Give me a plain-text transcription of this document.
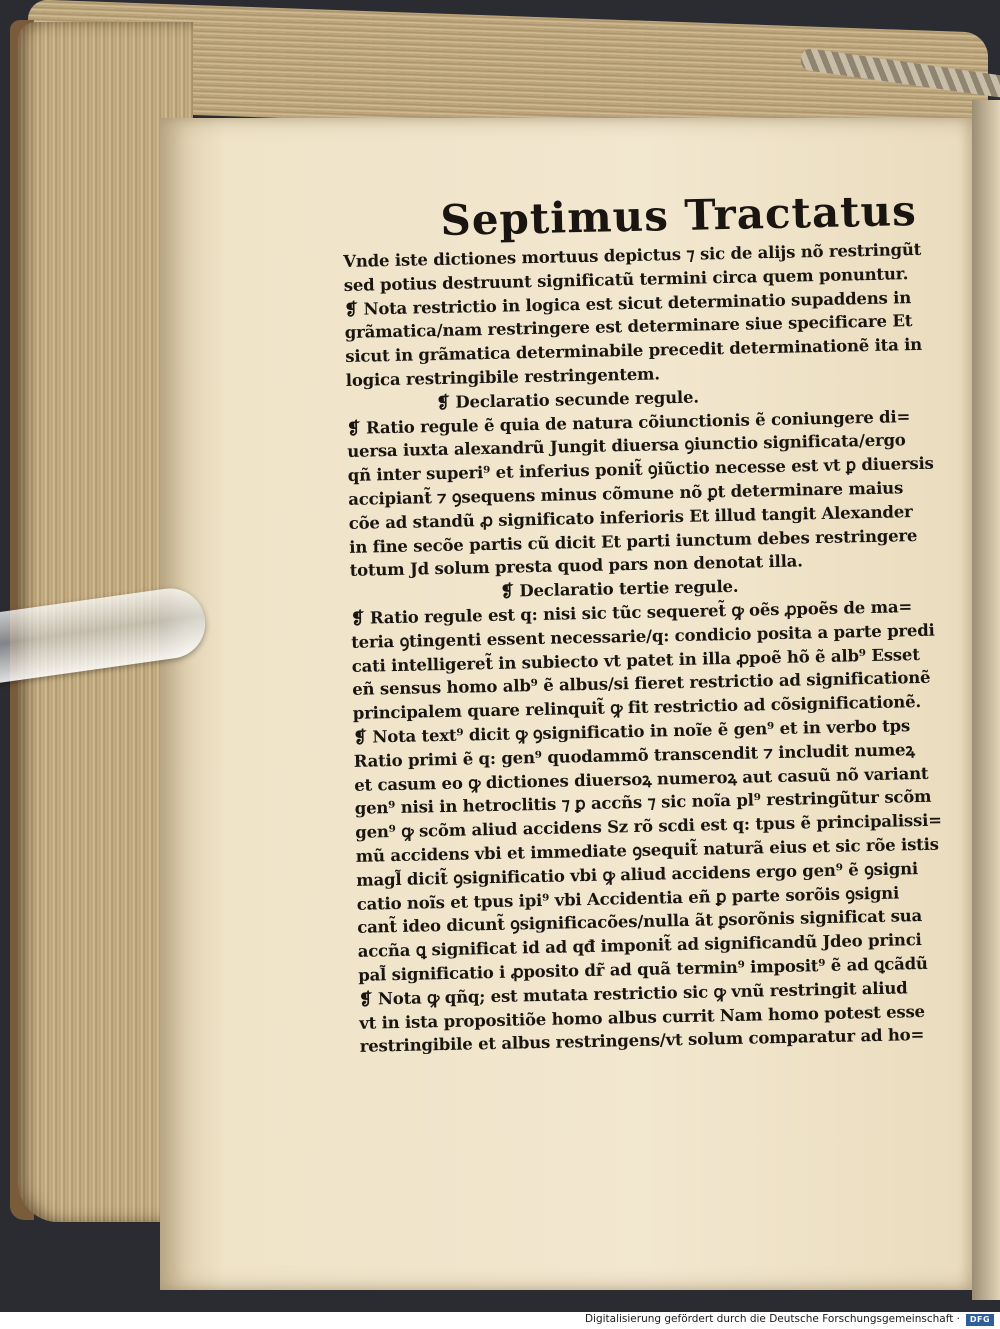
Septimus Tractatus
Vnde iste dictiones mortuus depictus ⁊ sic de alijs nõ restringũt
sed potius destruunt significatũ termini circa quem ponuntur.
❡ Nota restrictio in logica est sicut determinatio supaddens in
grãmatica/nam restringere est determinare siue specificare Et
sicut in grãmatica determinabile precedit determinationẽ ita in
logica restringibile restringentem.
❡ Declaratio secunde regule.
❡ Ratio regule ẽ quia de natura cõiunctionis ẽ coniungere di=
uersa iuxta alexandrũ Jungit diuersa ꝯiunctio significata/ergo
qñ inter superi⁹ et inferius ponit̃ ꝯiũctio necesse est vt ꝑ diuersis
accipiant̃ ⁊ ꝯsequens minus cõmune nõ ꝑt determinare maius
cõe ad standũ ꝓ significato inferioris Et illud tangit Alexander
in fine secõe partis cũ dicit Et parti iunctum debes restringere
totum Jd solum presta quod pars non denotat illa.
❡ Declaratio tertie regule.
❡ Ratio regule est q: nisi sic tũc sequeret̃ ꝙ oẽs ꝓpoẽs de ma=
teria ꝯtingenti essent necessarie/q: condicio posita a parte predi
cati intelligeret̃ in subiecto vt patet in illa ꝓpoẽ hõ ẽ alb⁹ Esset
eñ sensus homo alb⁹ ẽ albus/si fieret restrictio ad significationẽ
principalem quare relinquit̃ ꝙ fit restrictio ad cõsignificationẽ.
❡ Nota text⁹ dicit ꝙ ꝯsignificatio in noĩe ẽ gen⁹ et in verbo tps
Ratio primi ẽ q: gen⁹ quodammõ transcendit ⁊ includit numeꝝ
et casum eo ꝙ dictiones diuersoꝝ numeroꝝ aut casuũ nõ variant
gen⁹ nisi in hetroclitis ⁊ ꝑ accñs ⁊ sic noĩa pl⁹ restringũtur scõm
gen⁹ ꝙ scõm aliud accidens Sz rõ scdi est q: tpus ẽ principalissi=
mũ accidens vbi et immediate ꝯsequit̃ naturã eius et sic rõe istis
magl̃ dicit̃ ꝯsignificatio vbi ꝙ aliud accidens ergo gen⁹ ẽ ꝯsigni
catio noĩs et tpus ipi⁹ vbi Accidentia eñ ꝑ parte sorõis ꝯsigni
cant̃ ideo dicunt̃ ꝯsignificacões/nulla ãt ꝑsorõnis significat sua
accña ꝗ significat id ad qđ imponit̃ ad significandũ Jdeo princi
pal̃ significatio i ꝓposito dr̃ ad quã termin⁹ imposit⁹ ẽ ad ꝗcãdũ
❡ Nota ꝙ qñq; est mutata restrictio sic ꝙ vnũ restringit aliud
vt in ista propositiõe homo albus currit Nam homo potest esse
restringibile et albus restringens/vt solum comparatur ad ho=
Digitalisierung gefördert durch die Deutsche Forschungsgemeinschaft ·	DFG
